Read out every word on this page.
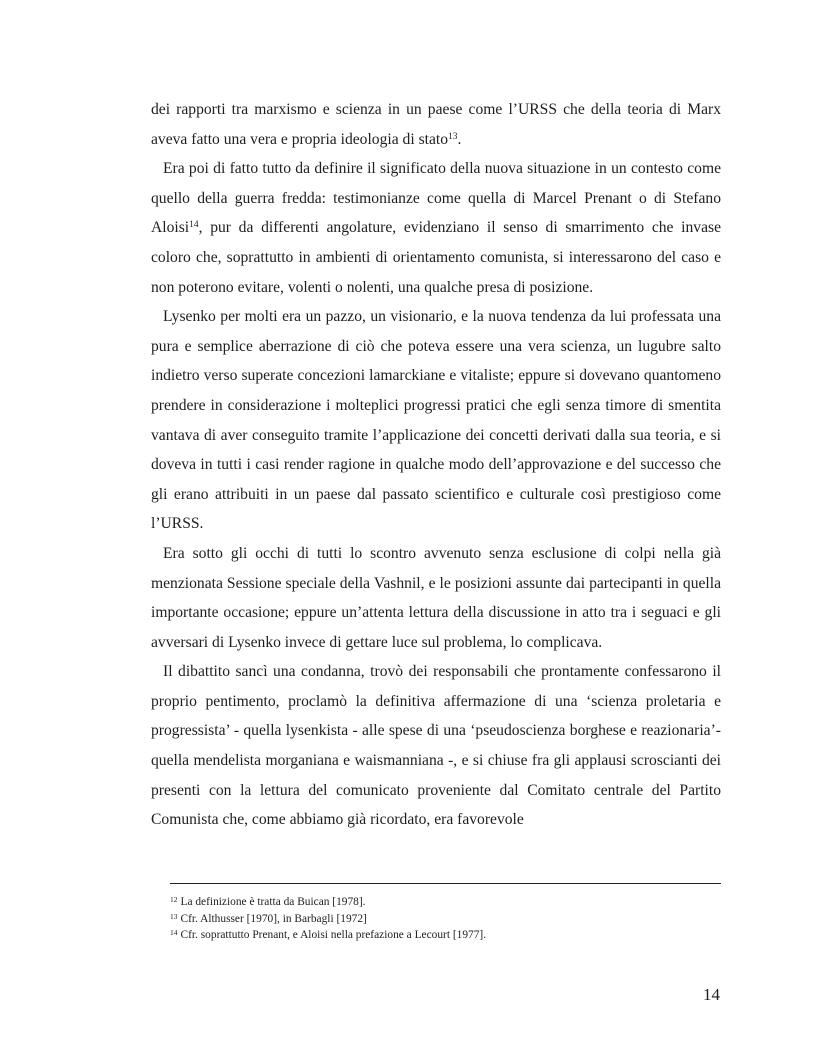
dei rapporti tra marxismo e scienza in un paese come l’URSS che della teoria di Marx aveva fatto una vera e propria ideologia di stato$^{13}$.

Era poi di fatto tutto da definire il significato della nuova situazione in un contesto come quello della guerra fredda: testimonianze come quella di Marcel Prenant o di Stefano Aloisi$^{14}$, pur da differenti angolature, evidenziano il senso di smarrimento che invase coloro che, soprattutto in ambienti di orientamento comunista, si interessarono del caso e non poterono evitare, volenti o nolenti, una qualche presa di posizione.

Lysenko per molti era un pazzo, un visionario, e la nuova tendenza da lui professata una pura e semplice aberrazione di ciò che poteva essere una vera scienza, un lugubre salto indietro verso superate concezioni lamarckiane e vitaliste; eppure si dovevano quantomeno prendere in considerazione i molteplici progressi pratici che egli senza timore di smentita vantava di aver conseguito tramite l’applicazione dei concetti derivati dalla sua teoria, e si doveva in tutti i casi render ragione in qualche modo dell’approvazione e del successo che gli erano attribuiti in un paese dal passato scientifico e culturale così prestigioso come l’URSS.

Era sotto gli occhi di tutti lo scontro avvenuto senza esclusione di colpi nella già menzionata Sessione speciale della Vashnil, e le posizioni assunte dai partecipanti in quella importante occasione; eppure un’attenta lettura della discussione in atto tra i seguaci e gli avversari di Lysenko invece di gettare luce sul problema, lo complicava.

Il dibattito sancì una condanna, trovò dei responsabili che prontamente confessarono il proprio pentimento, proclamò la definitiva affermazione di una ‘scienza proletaria e progressista’ - quella lysenkista - alle spese di una ‘pseudoscienza borghese e reazionaria’- quella mendelista morganiana e waismanniana -, e si chiuse fra gli applausi scroscianti dei presenti con la lettura del comunicato proveniente dal Comitato centrale del Partito Comunista che, come abbiamo già ricordato, era favorevole

$^{12}$ La definizione è tratta da Buican [1978].
$^{13}$ Cfr. Althusser [1970], in Barbagli [1972]
$^{14}$ Cfr. soprattutto Prenant, e Aloisi nella prefazione a Lecourt [1977].
14
